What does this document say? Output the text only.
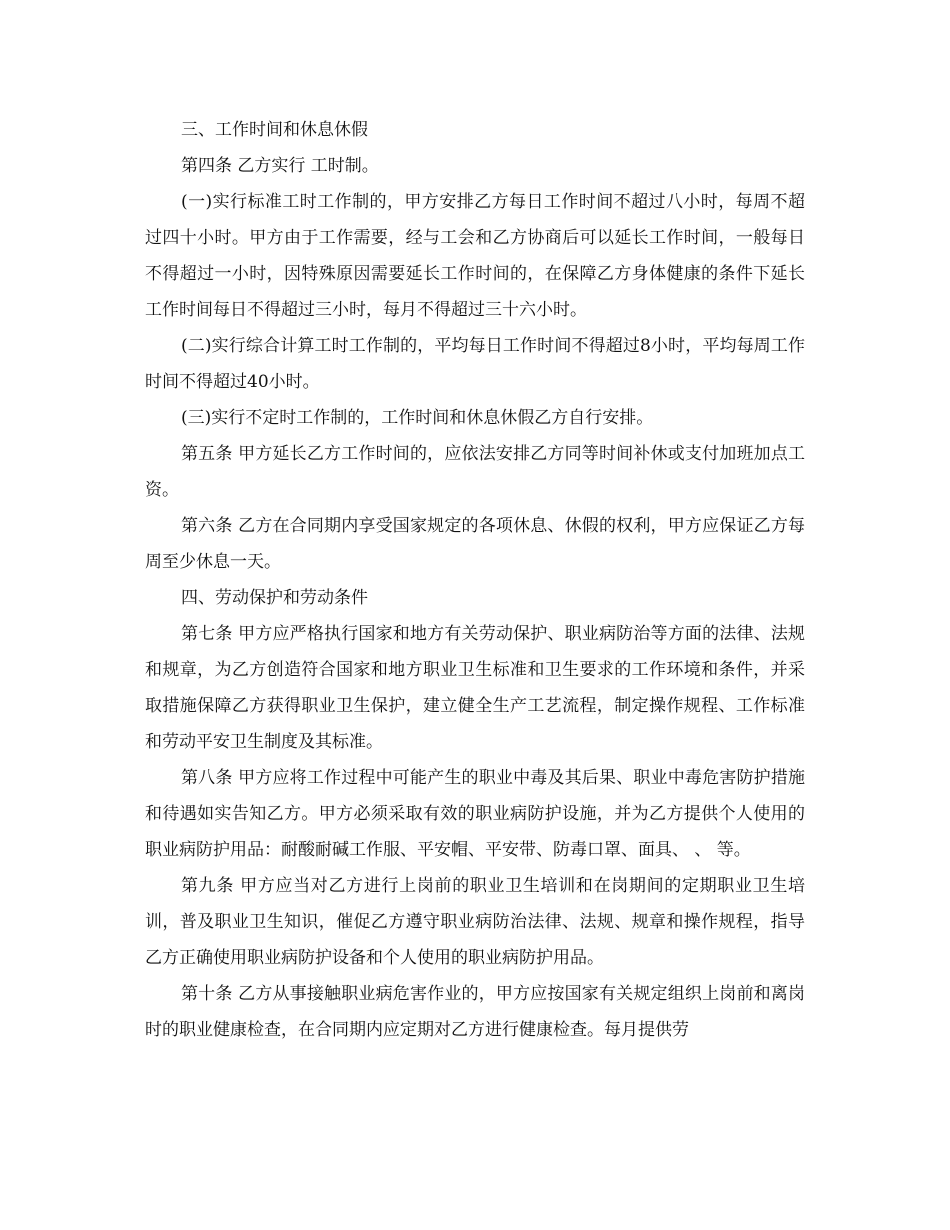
三、工作时间和休息休假

第四条 乙方实行 工时制。

(一)实行标准工时工作制的，甲方安排乙方每日工作时间不超过八小时，每周不超过四十小时。甲方由于工作需要，经与工会和乙方协商后可以延长工作时间，一般每日不得超过一小时，因特殊原因需要延长工作时间的，在保障乙方身体健康的条件下延长工作时间每日不得超过三小时，每月不得超过三十六小时。

(二)实行综合计算工时工作制的，平均每日工作时间不得超过8小时，平均每周工作时间不得超过40小时。

(三)实行不定时工作制的，工作时间和休息休假乙方自行安排。

第五条 甲方延长乙方工作时间的，应依法安排乙方同等时间补休或支付加班加点工资。

第六条 乙方在合同期内享受国家规定的各项休息、休假的权利，甲方应保证乙方每周至少休息一天。

四、劳动保护和劳动条件

第七条 甲方应严格执行国家和地方有关劳动保护、职业病防治等方面的法律、法规和规章，为乙方创造符合国家和地方职业卫生标准和卫生要求的工作环境和条件，并采取措施保障乙方获得职业卫生保护，建立健全生产工艺流程，制定操作规程、工作标准和劳动平安卫生制度及其标准。

第八条 甲方应将工作过程中可能产生的职业中毒及其后果、职业中毒危害防护措施和待遇如实告知乙方。甲方必须采取有效的职业病防护设施，并为乙方提供个人使用的职业病防护用品：耐酸耐碱工作服、平安帽、平安带、防毒口罩、面具、 、 等。

第九条 甲方应当对乙方进行上岗前的职业卫生培训和在岗期间的定期职业卫生培训，普及职业卫生知识，催促乙方遵守职业病防治法律、法规、规章和操作规程，指导乙方正确使用职业病防护设备和个人使用的职业病防护用品。

第十条 乙方从事接触职业病危害作业的，甲方应按国家有关规定组织上岗前和离岗时的职业健康检查，在合同期内应定期对乙方进行健康检查。每月提供劳
